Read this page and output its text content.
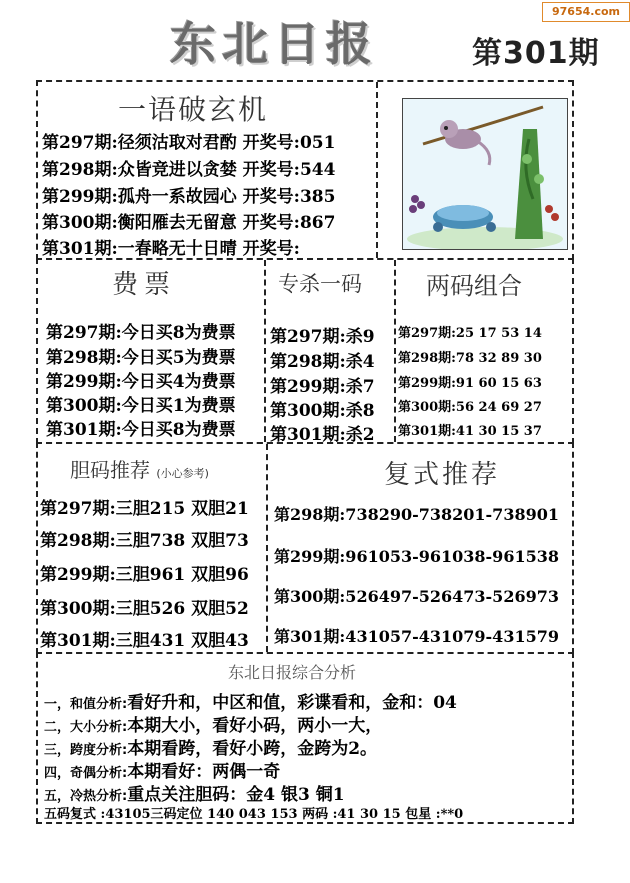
97654.com
东北日报	第301期
一语破玄机
第297期:径须沽取对君酌 开奖号:051
第298期:众皆竞进以贪婪 开奖号:544
第299期:孤舟一系故园心 开奖号:385
第300期:衡阳雁去无留意 开奖号:867
第301期:一春略无十日晴 开奖号:
费票
第297期:今日买8为费票
第298期:今日买5为费票
第299期:今日买4为费票
第300期:今日买1为费票
第301期:今日买8为费票
专杀一码
第297期:杀9
第298期:杀4
第299期:杀7
第300期:杀8
第301期:杀2
两码组合
第297期:25 17 53 14
第298期:78 32 89 30
第299期:91 60 15 63
第300期:56 24 69 27
第301期:41 30 15 37
胆码推荐 (小心参考)
第297期:三胆215 双胆21
第298期:三胆738 双胆73
第299期:三胆961 双胆96
第300期:三胆526 双胆52
第301期:三胆431 双胆43
复式推荐
第298期:738290-738201-738901
第299期:961053-961038-961538
第300期:526497-526473-526973
第301期:431057-431079-431579
东北日报综合分析
一，和值分析:看好升和，中区和值，彩谍看和，金和：04
二，大小分析:本期大小，看好小码，两小一大，
三，跨度分析:本期看跨，看好小跨，金跨为2。
四，奇偶分析:本期看好：两偶一奇
五，冷热分析:重点关注胆码：金4 银3 铜1
五码复式 :43105三码定位 140 043 153 两码 :41 30 15 包星 :**0
